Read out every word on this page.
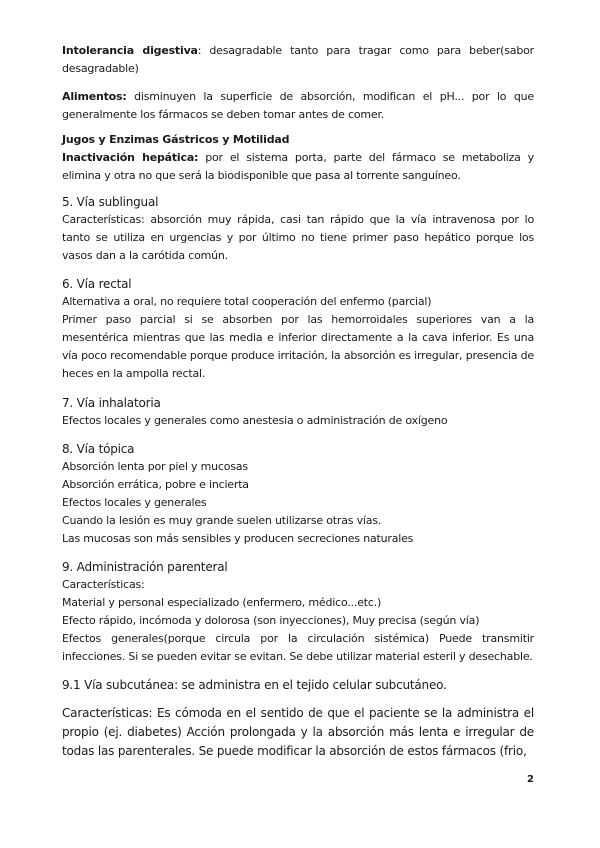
Intolerancia digestiva: desagradable tanto para tragar como para beber(sabor desagradable)

Alimentos: disminuyen la superficie de absorción, modifican el pH... por lo que generalmente los fármacos se deben tomar antes de comer.

Jugos y Enzimas Gástricos y Motilidad

Inactivación hepática: por el sistema porta, parte del fármaco se metaboliza y elimina y otra no que será la biodisponible que pasa al torrente sanguíneo.

5. Vía sublingual

Características: absorción muy rápida, casi tan rápido que la vía intravenosa por lo tanto se utiliza en urgencias y por último no tiene primer paso hepático porque los vasos dan a la carótida común.

6. Vía rectal

Alternativa a oral, no requiere total cooperación del enfermo (parcial)

Primer paso parcial si se absorben por las hemorroidales superiores van a la mesentérica mientras que las media e inferior directamente a la cava inferior. Es una vía poco recomendable porque produce irritación, la absorción es irregular, presencia de heces en la ampolla rectal.

7. Vía inhalatoria

Efectos locales y generales como anestesia o administración de oxígeno

8. Vía tópica

Absorción lenta por piel y mucosas

Absorción errática, pobre e incierta

Efectos locales y generales

Cuando la lesión es muy grande suelen utilizarse otras vías.

Las mucosas son más sensibles y producen secreciones naturales

9. Administración parenteral

Características:

Material y personal especializado (enfermero, médico...etc.)

Efecto rápido, incómoda y dolorosa (son inyecciones), Muy precisa (según vía)

Efectos generales(porque circula por la circulación sistémica) Puede transmitir infecciones. Si se pueden evitar se evitan. Se debe utilizar material esteril y desechable.

9.1 Vía subcutánea: se administra en el tejido celular subcutáneo.

Características: Es cómoda en el sentido de que el paciente se la administra el propio (ej. diabetes) Acción prolongada y la absorción más lenta e irregular de todas las parenterales. Se puede modificar la absorción de estos fármacos (frio,

2
